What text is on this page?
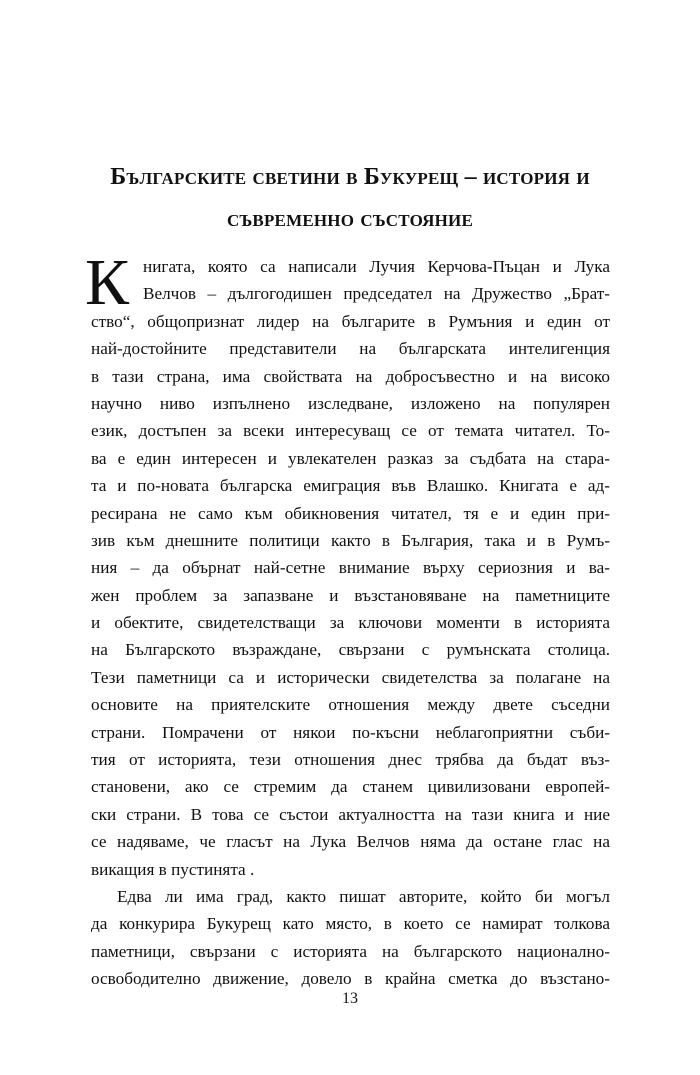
Българските светини в Букурещ – история и
съвременно състояние
К нигата, която са написали Лучия Керчова-Пъцан и Лука
Велчов – дългогодишен председател на Дружество „Брат-
ство“, общопризнат лидер на българите в Румъния и един от
най-достойните представители на българската интелигенция
в тази страна, има свойствата на добросъвестно и на високо
научно ниво изпълнено изследване, изложено на популярен
език, достъпен за всеки интересуващ се от темата читател. То-
ва е един интересен и увлекателен разказ за съдбата на стара-
та и по-новата българска емиграция във Влашко. Книгата е ад-
ресирана не само към обикновения читател, тя е и един при-
зив към днешните политици както в България, така и в Румъ-
ния – да обърнат най-сетне внимание върху сериозния и ва-
жен проблем за запазване и възстановяване на паметниците
и обектите, свидетелстващи за ключови моменти в историята
на Българското възраждане, свързани с румънската столица.
Тези паметници са и исторически свидетелства за полагане на
основите на приятелските отношения между двете съседни
страни. Помрачени от някои по-късни неблагоприятни съби-
тия от историята, тези отношения днес трябва да бъдат въз-
становени, ако се стремим да станем цивилизовани европей-
ски страни. В това се състои актуалността на тази книга и ние
се надяваме, че гласът на Лука Велчов няма да остане глас на
викащия в пустинята .
Едва ли има град, както пишат авторите, който би могъл
да конкурира Букурещ като място, в което се намират толкова
паметници, свързани с историята на българското национално-
освободително движение, довело в крайна сметка до възстано-
13
